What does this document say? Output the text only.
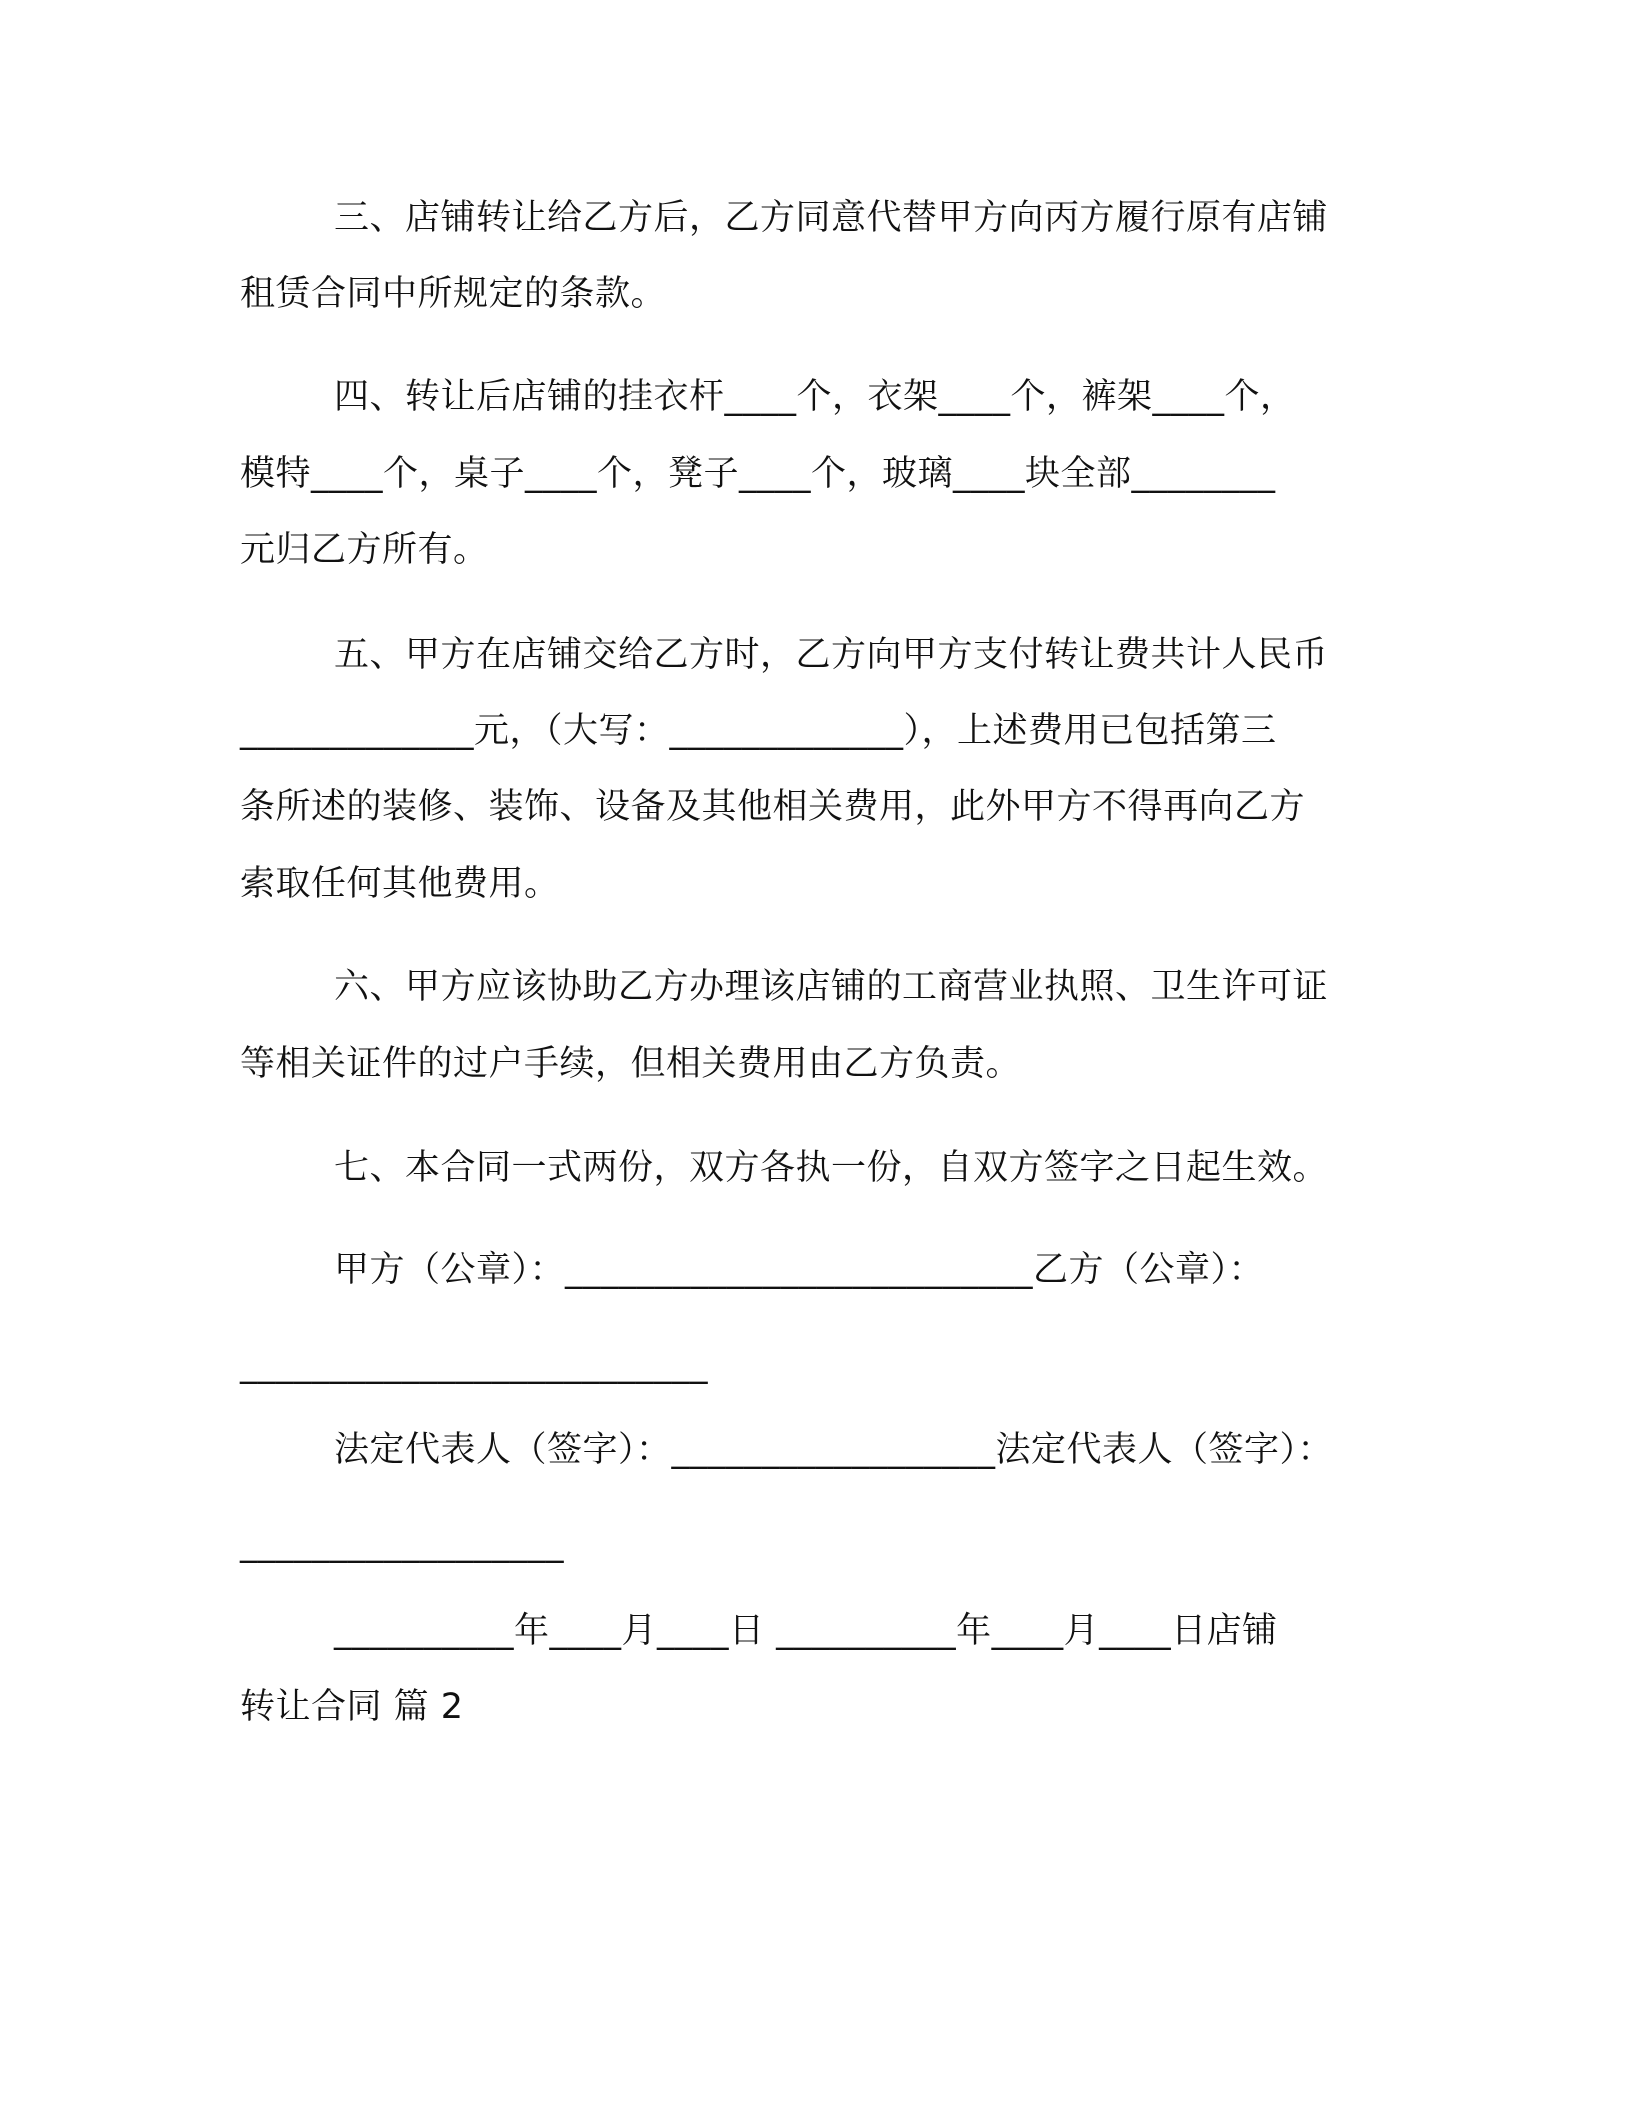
三、店铺转让给乙方后，乙方同意代替甲方向丙方履行原有店铺
租赁合同中所规定的条款。
四、转让后店铺的挂衣杆____个，衣架____个，裤架____个，
模特____个，桌子____个，凳子____个，玻璃____块全部________
元归乙方所有。
五、甲方在店铺交给乙方时，乙方向甲方支付转让费共计人民币
_____________元，（大写：_____________），上述费用已包括第三
条所述的装修、装饰、设备及其他相关费用，此外甲方不得再向乙方
索取任何其他费用。
六、甲方应该协助乙方办理该店铺的工商营业执照、卫生许可证
等相关证件的过户手续，但相关费用由乙方负责。
七、本合同一式两份，双方各执一份，自双方签字之日起生效。
甲方（公章）：__________________________乙方（公章）：
__________________________
法定代表人（签字）：__________________法定代表人（签字）：
__________________
__________年____月____日 __________年____月____日店铺
转让合同 篇 2
